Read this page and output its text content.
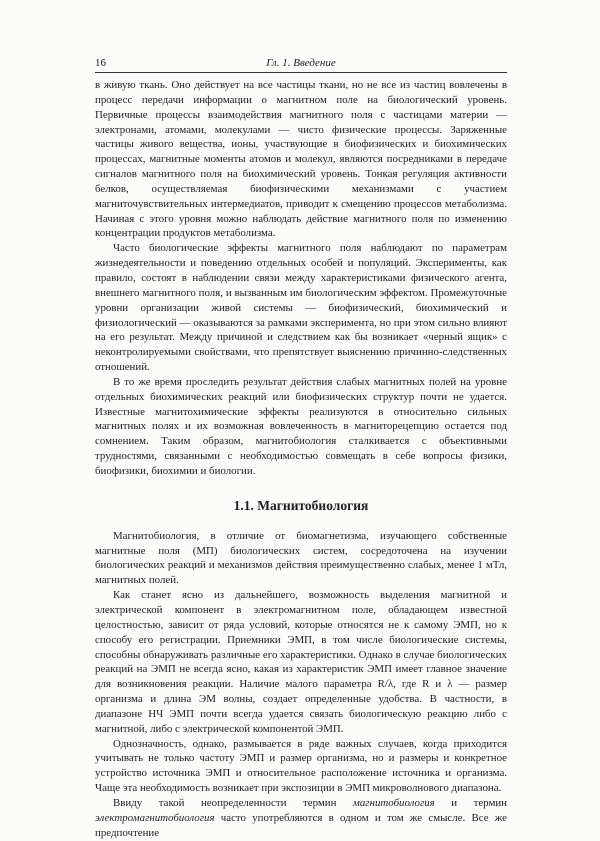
16	Гл. 1. Введение

в живую ткань. Оно действует на все частицы ткани, но не все из частиц вовлечены в процесс передачи информации о магнитном поле на биологический уровень. Первичные процессы взаимодействия магнитного поля с частицами материи — электронами, атомами, молекулами — чисто физические процессы. Заряженные частицы живого вещества, ионы, участвующие в биофизических и биохимических процессах, магнитные моменты атомов и молекул, являются посредниками в передаче сигналов магнитного поля на биохимический уровень. Тонкая регуляция активности белков, осуществляемая биофизическими механизмами с участием магниточувствительных интермедиатов, приводит к смещению процессов метаболизма. Начиная с этого уровня можно наблюдать действие магнитного поля по изменению концентрации продуктов метаболизма.

Часто биологические эффекты магнитного поля наблюдают по параметрам жизнедеятельности и поведению отдельных особей и популяций. Эксперименты, как правило, состоят в наблюдении связи между характеристиками физического агента, внешнего магнитного поля, и вызванным им биологическим эффектом. Промежуточные уровни организации живой системы — биофизический, биохимический и физиологический — оказываются за рамками эксперимента, но при этом сильно влияют на его результат. Между причиной и следствием как бы возникает «черный ящик» с неконтролируемыми свойствами, что препятствует выяснению причинно-следственных отношений.

В то же время проследить результат действия слабых магнитных полей на уровне отдельных биохимических реакций или биофизических структур почти не удается. Известные магнитохимические эффекты реализуются в относительно сильных магнитных полях и их возможная вовлеченность в магниторецепцию остается под сомнением. Таким образом, магнитобиология сталкивается с объективными трудностями, связанными с необходимостью совмещать в себе вопросы физики, биофизики, биохимии и биологии.

1.1. Магнитобиология

Магнитобиология, в отличие от биомагнетизма, изучающего собственные магнитные поля (МП) биологических систем, сосредоточена на изучении биологических реакций и механизмов действия преимущественно слабых, менее 1 мТл, магнитных полей.

Как станет ясно из дальнейшего, возможность выделения магнитной и электрической компонент в электромагнитном поле, обладающем известной целостностью, зависит от ряда условий, которые относятся не к самому ЭМП, но к способу его регистрации. Приемники ЭМП, в том числе биологические системы, способны обнаруживать различные его характеристики. Однако в случае биологических реакций на ЭМП не всегда ясно, какая из характеристик ЭМП имеет главное значение для возникновения реакции. Наличие малого параметра R/λ, где R и λ — размер организма и длина ЭМ волны, создает определенные удобства. В частности, в диапазоне НЧ ЭМП почти всегда удается связать биологическую реакцию либо с магнитной, либо с электрической компонентой ЭМП.

Однозначность, однако, размывается в ряде важных случаев, когда приходится учитывать не только частоту ЭМП и размер организма, но и размеры и конкретное устройство источника ЭМП и относительное расположение источника и организма. Чаще эта необходимость возникает при экспозиции в ЭМП микроволнового диапазона.

Ввиду такой неопределенности термин магнитобиология и термин электромагнитобиология часто употребляются в одном и том же смысле. Все же предпочтение
